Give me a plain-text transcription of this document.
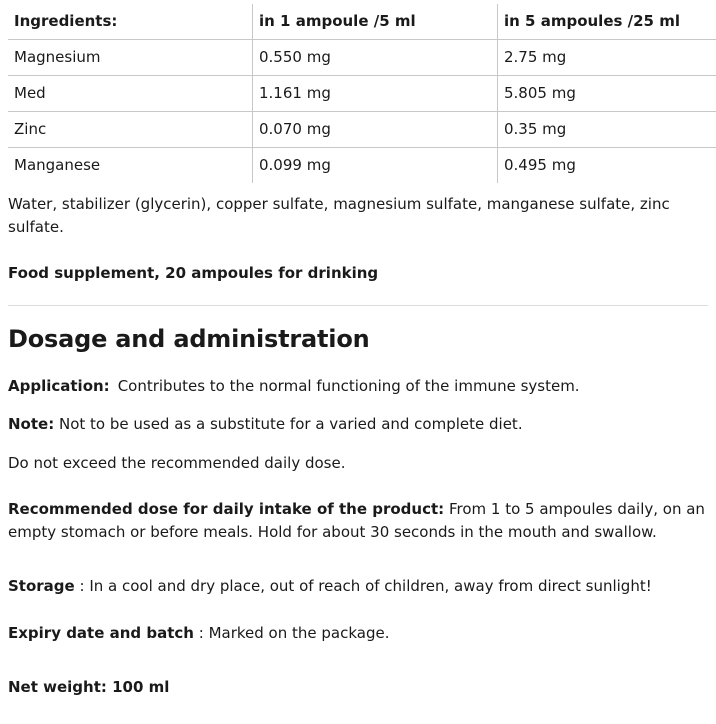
Ingredients:	in 1 ampoule /5 ml	in 5 ampoules /25 ml
Magnesium	0.550 mg	2.75 mg
Med	1.161 mg	5.805 mg
Zinc	0.070 mg	0.35 mg
Manganese	0.099 mg	0.495 mg

Water, stabilizer (glycerin), copper sulfate, magnesium sulfate, manganese sulfate, zinc sulfate.

Food supplement, 20 ampoules for drinking

Dosage and administration

Application: Contributes to the normal functioning of the immune system.

Note: Not to be used as a substitute for a varied and complete diet.

Do not exceed the recommended daily dose.

Recommended dose for daily intake of the product: From 1 to 5 ampoules daily, on an empty stomach or before meals. Hold for about 30 seconds in the mouth and swallow.

Storage : In a cool and dry place, out of reach of children, away from direct sunlight!

Expiry date and batch : Marked on the package.

Net weight: 100 ml
